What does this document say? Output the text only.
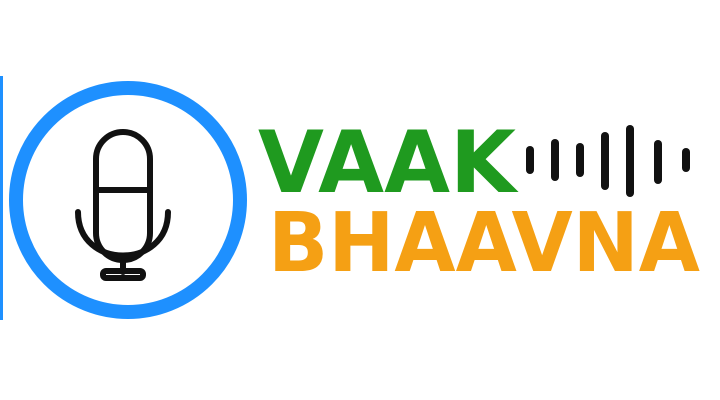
VAAK
BHAAVNA
